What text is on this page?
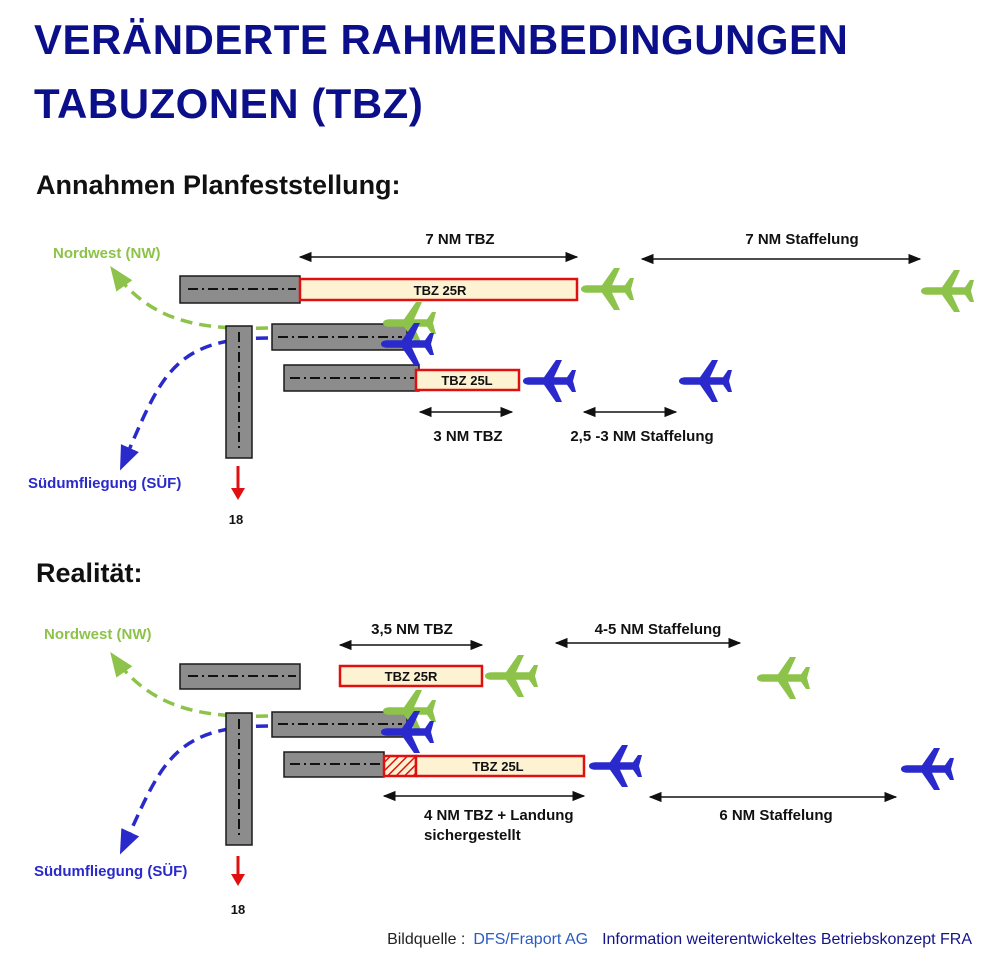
VERÄNDERTE RAHMENBEDINGUNGEN
TABUZONEN (TBZ)
Annahmen Planfeststellung:
Realität:
Nordwest (NW)
Südumfliegung (SÜF)
TBZ 25R
TBZ 25L
18
7 NM TBZ	7 NM Staffelung
3 NM TBZ	2,5 -3 NM Staffelung
Nordwest (NW)
Südumfliegung (SÜF)
TBZ 25R
TBZ 25L
18
3,5 NM TBZ	4-5 NM Staffelung
4 NM TBZ + Landung
sichergestellt
6 NM Staffelung

Bildquelle : DFS/Fraport AG Information weiterentwickeltes Betriebskonzept FRA
